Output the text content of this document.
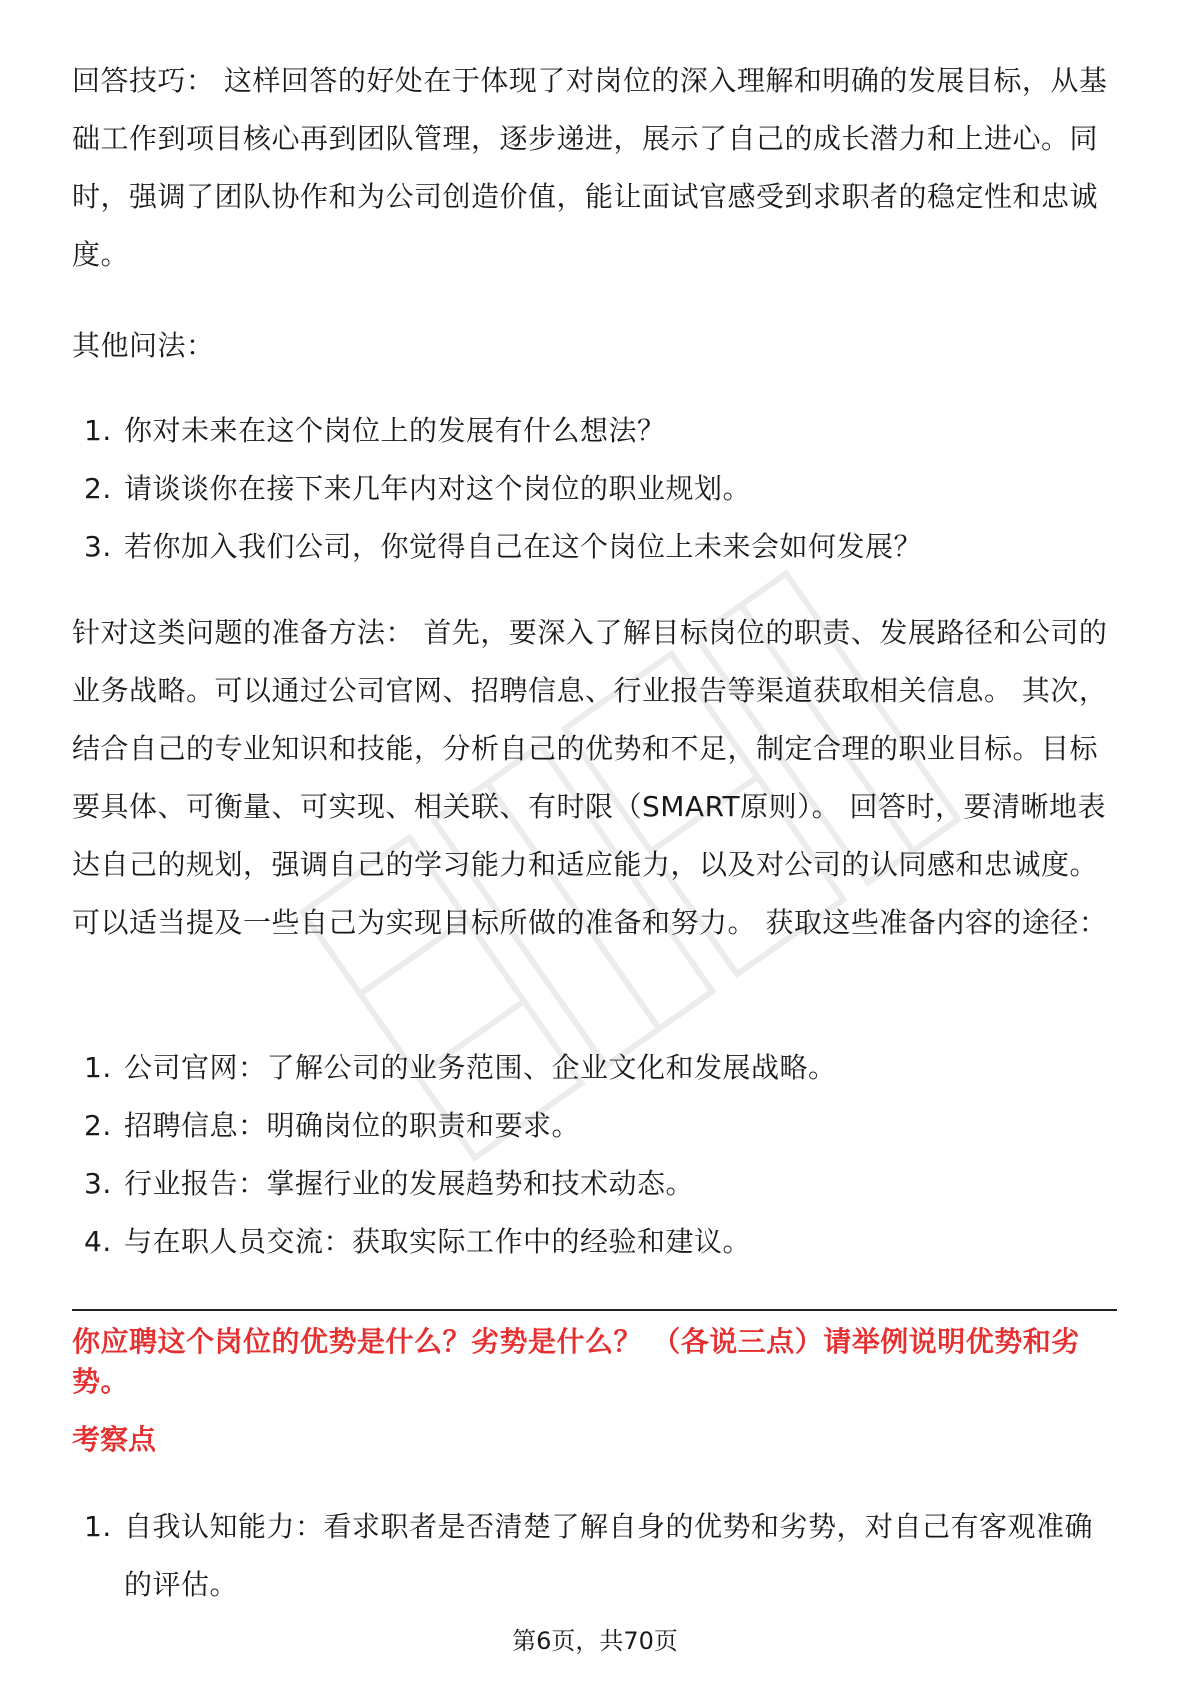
回答技巧： 这样回答的好处在于体现了对岗位的深入理解和明确的发展目标，从基础工作到项目核心再到团队管理，逐步递进，展示了自己的成长潜力和上进心。同时，强调了团队协作和为公司创造价值，能让面试官感受到求职者的稳定性和忠诚度。

其他问法：

1. 你对未来在这个岗位上的发展有什么想法？
2. 请谈谈你在接下来几年内对这个岗位的职业规划。
3. 若你加入我们公司，你觉得自己在这个岗位上未来会如何发展？

针对这类问题的准备方法： 首先，要深入了解目标岗位的职责、发展路径和公司的业务战略。可以通过公司官网、招聘信息、行业报告等渠道获取相关信息。 其次，结合自己的专业知识和技能，分析自己的优势和不足，制定合理的职业目标。目标要具体、可衡量、可实现、相关联、有时限（SMART原则）。 回答时，要清晰地表达自己的规划，强调自己的学习能力和适应能力，以及对公司的认同感和忠诚度。可以适当提及一些自己为实现目标所做的准备和努力。 获取这些准备内容的途径：

1. 公司官网：了解公司的业务范围、企业文化和发展战略。
2. 招聘信息：明确岗位的职责和要求。
3. 行业报告：掌握行业的发展趋势和技术动态。
4. 与在职人员交流：获取实际工作中的经验和建议。
你应聘这个岗位的优势是什么？劣势是什么？ （各说三点）请举例说明优势和劣势。
考察点
1. 自我认知能力：看求职者是否清楚了解自身的优势和劣势，对自己有客观准确的评估。
第6页，共70页
